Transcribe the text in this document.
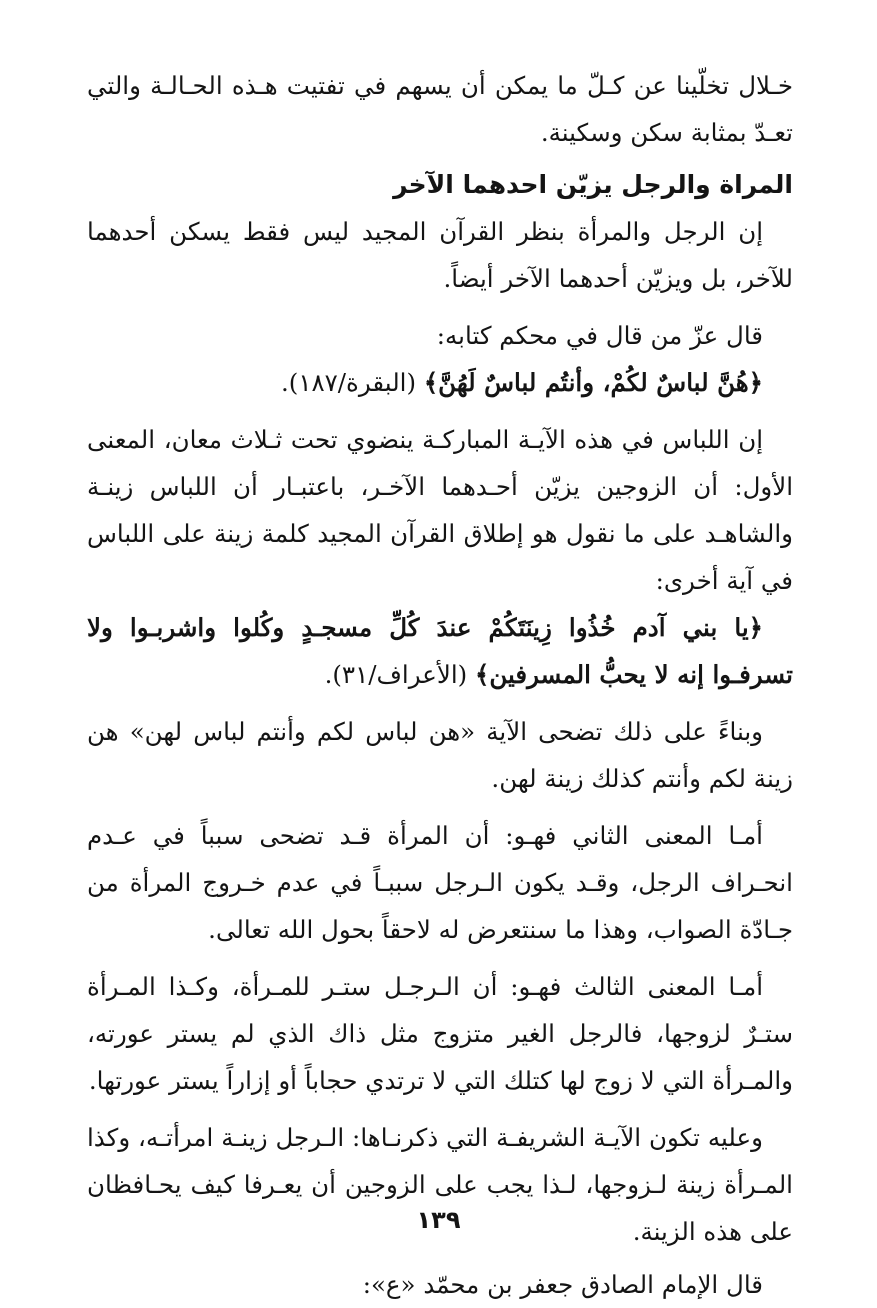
خـلال تخلّينا عن كـلّ ما يمكن أن يسهم في تفتيت هـذه الحـالـة والتي تعـدّ بمثابة سكن وسكينة.

المراة والرجل يزيّن احدهما الآخر

إن الرجل والمرأة بنظر القرآن المجيد ليس فقط يسكن أحدهما للآخر، بل ويزيّن أحدهما الآخر أيضاً.

قال عزّ من قال في محكم كتابه:

﴿هُنَّ لباسٌ لكُمْ، وأنتُم لباسٌ لَهُنَّ﴾ (البقرة/١٨٧).

إن اللباس في هذه الآيـة المباركـة ينضوي تحت ثـلاث معان، المعنى الأول: أن الزوجين يزيّن أحـدهما الآخـر، باعتبـار أن اللباس زينـة والشاهـد على ما نقول هو إطلاق القرآن المجيد كلمة زينة على اللباس في آية أخرى:

﴿يا بني آدم خُذُوا زِينَتَكُمْ عندَ كُلِّ مسجـدٍ وكُلوا واشربـوا ولا تسرفـوا إنه لا يحبُّ المسرفين﴾ (الأعراف/٣١).

وبناءً على ذلك تضحى الآية «هن لباس لكم وأنتم لباس لهن» هن زينة لكم وأنتم كذلك زينة لهن.

أمـا المعنى الثاني فهـو: أن المرأة قـد تضحى سبباً في عـدم انحـراف الرجل، وقـد يكون الـرجل سببـاً في عدم خـروج المرأة من جـادّة الصواب، وهذا ما سنتعرض له لاحقاً بحول الله تعالى.

أمـا المعنى الثالث فهـو: أن الـرجـل ستـر للمـرأة، وكـذا المـرأة ستـرٌ لزوجها، فالرجل الغير متزوج مثل ذاك الذي لم يستر عورته، والمـرأة التي لا زوج لها كتلك التي لا ترتدي حجاباً أو إزاراً يستر عورتها.

وعليه تكون الآيـة الشريفـة التي ذكرنـاها: الـرجل زينـة امرأتـه، وكذا المـرأة زينة لـزوجها، لـذا يجب على الزوجين أن يعـرفا كيف يحـافظان على هذه الزينة.

قال الإمام الصادق جعفر بن محمّد «ع»:

١٣٩
